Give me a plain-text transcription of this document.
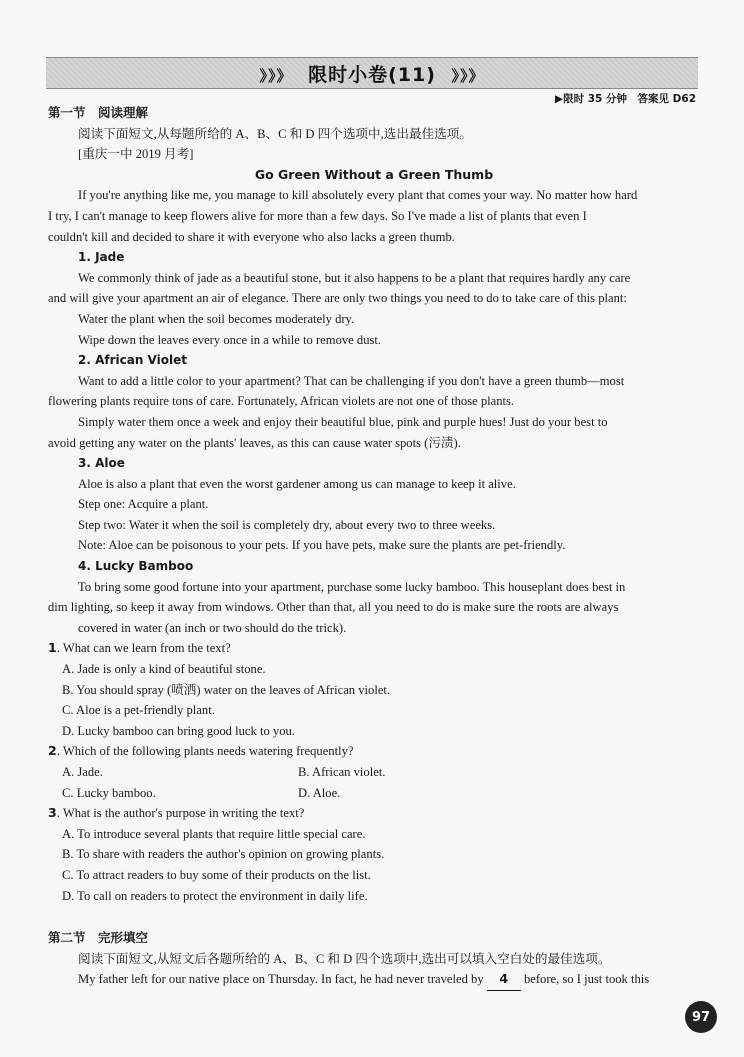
》》》 限时小卷(11) 》》》
▶限时 35 分钟　答案见 D62

第一节　阅读理解

阅读下面短文,从每题所给的 A、B、C 和 D 四个选项中,选出最佳选项。

[重庆一中 2019 月考]

Go Green Without a Green Thumb

If you're anything like me, you manage to kill absolutely every plant that comes your way. No matter how hard

I try, I can't manage to keep flowers alive for more than a few days. So I've made a list of plants that even I

couldn't kill and decided to share it with everyone who also lacks a green thumb.

1. Jade

We commonly think of jade as a beautiful stone, but it also happens to be a plant that requires hardly any care

and will give your apartment an air of elegance. There are only two things you need to do to take care of this plant:

Water the plant when the soil becomes moderately dry.

Wipe down the leaves every once in a while to remove dust.

2. African Violet

Want to add a little color to your apartment? That can be challenging if you don't have a green thumb—most

flowering plants require tons of care. Fortunately, African violets are not one of those plants.

Simply water them once a week and enjoy their beautiful blue, pink and purple hues! Just do your best to

avoid getting any water on the plants' leaves, as this can cause water spots (污渍).

3. Aloe

Aloe is also a plant that even the worst gardener among us can manage to keep it alive.

Step one: Acquire a plant.

Step two: Water it when the soil is completely dry, about every two to three weeks.

Note: Aloe can be poisonous to your pets. If you have pets, make sure the plants are pet-friendly.

4. Lucky Bamboo

To bring some good fortune into your apartment, purchase some lucky bamboo. This houseplant does best in

dim lighting, so keep it away from windows. Other than that, all you need to do is make sure the roots are always

covered in water (an inch or two should do the trick).

1. What can we learn from the text?

A. Jade is only a kind of beautiful stone.

B. You should spray (喷洒) water on the leaves of African violet.

C. Aloe is a pet-friendly plant.

D. Lucky bamboo can bring good luck to you.

2. Which of the following plants needs watering frequently?

A. Jade.	B. African violet.

C. Lucky bamboo.	D. Aloe.

3. What is the author's purpose in writing the text?

A. To introduce several plants that require little special care.

B. To share with readers the author's opinion on growing plants.

C. To attract readers to buy some of their products on the list.

D. To call on readers to protect the environment in daily life.

第二节　完形填空

阅读下面短文,从短文后各题所给的 A、B、C 和 D 四个选项中,选出可以填入空白处的最佳选项。

My father left for our native place on Thursday. In fact, he had never traveled by 4 before, so I just took this

97
